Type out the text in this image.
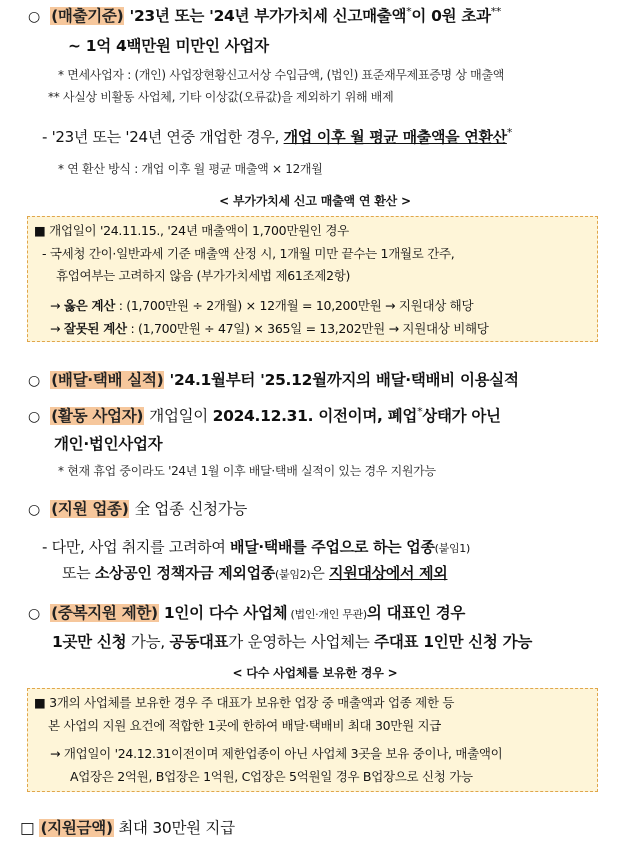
○ (매출기준) '23년 또는 '24년 부가가치세 신고매출액*이 0원 초과**
~ 1억 4백만원 미만인 사업자
* 면세사업자 : (개인) 사업장현황신고서상 수입금액, (법인) 표준재무제표증명 상 매출액
** 사실상 비활동 사업체, 기타 이상값(오류값)을 제외하기 위해 배제
- '23년 또는 '24년 연중 개업한 경우, 개업 이후 월 평균 매출액을 연환산*
* 연 환산 방식 : 개업 이후 월 평균 매출액 × 12개월
< 부가가치세 신고 매출액 연 환산 >
■ 개업일이 '24.11.15., '24년 매출액이 1,700만원인 경우
- 국세청 간이·일반과세 기준 매출액 산정 시, 1개월 미만 끝수는 1개월로 간주,
휴업여부는 고려하지 않음 (부가가치세법 제61조제2항)
→ 옳은 계산 : (1,700만원 ÷ 2개월) × 12개월 = 10,200만원 → 지원대상 해당
→ 잘못된 계산 : (1,700만원 ÷ 47일) × 365일 = 13,202만원 → 지원대상 비해당
○ (배달·택배 실적) '24.1월부터 '25.12월까지의 배달·택배비 이용실적
○ (활동 사업자) 개업일이 2024.12.31. 이전이며, 폐업*상태가 아닌
개인·법인사업자
* 현재 휴업 중이라도 '24년 1월 이후 배달·택배 실적이 있는 경우 지원가능
○ (지원 업종) 全 업종 신청가능
- 다만, 사업 취지를 고려하여 배달·택배를 주업으로 하는 업종(붙임1)
또는 소상공인 정책자금 제외업종(붙임2)은 지원대상에서 제외
○ (중복지원 제한) 1인이 다수 사업체 (법인·개인 무관)의 대표인 경우
1곳만 신청 가능, 공동대표가 운영하는 사업체는 주대표 1인만 신청 가능
< 다수 사업체를 보유한 경우 >
■ 3개의 사업체를 보유한 경우 주 대표가 보유한 업장 중 매출액과 업종 제한 등
본 사업의 지원 요건에 적합한 1곳에 한하여 배달·택배비 최대 30만원 지급
→ 개업일이 '24.12.31이전이며 제한업종이 아닌 사업체 3곳을 보유 중이나, 매출액이
A업장은 2억원, B업장은 1억원, C업장은 5억원일 경우 B업장으로 신청 가능
□ (지원금액) 최대 30만원 지급
